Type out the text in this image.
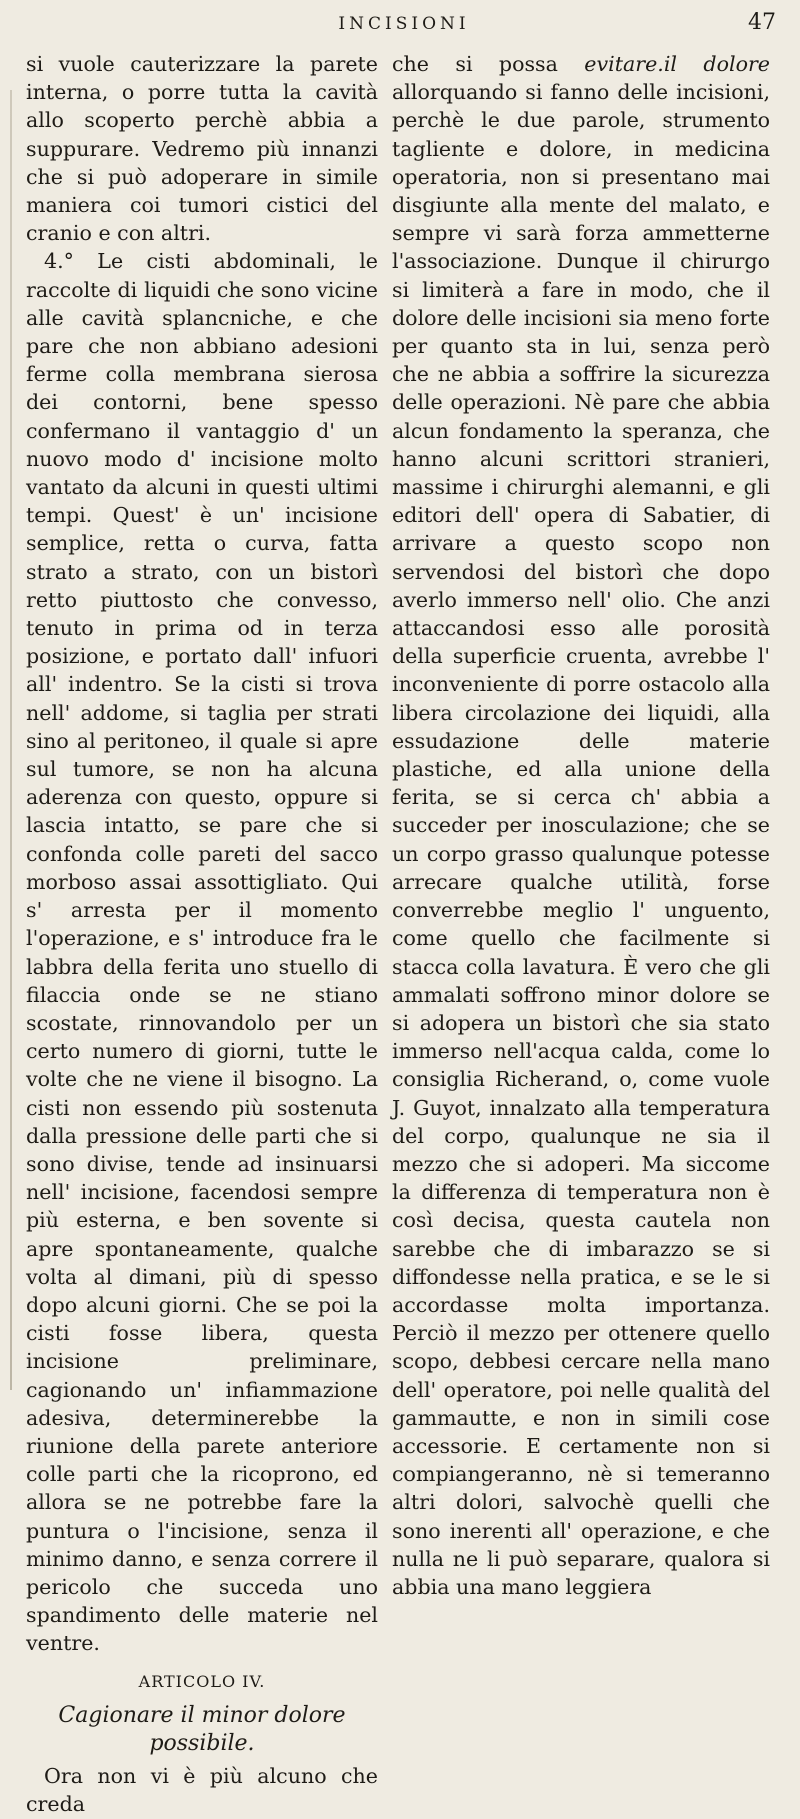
INCISIONI	47

si vuole cauterizzare la parete interna, o porre tutta la cavità allo scoperto perchè abbia a suppurare. Vedremo più innanzi che si può adoperare in simile maniera coi tumori cistici del cranio e con altri.

4.° Le cisti abdominali, le raccolte di liquidi che sono vicine alle cavità splancniche, e che pare che non abbiano adesioni ferme colla membrana sierosa dei contorni, bene spesso confermano il vantaggio d' un nuovo modo d' incisione molto vantato da alcuni in questi ultimi tempi. Quest' è un' incisione semplice, retta o curva, fatta strato a strato, con un bistorì retto piuttosto che convesso, tenuto in prima od in terza posizione, e portato dall' infuori all' indentro. Se la cisti si trova nell' addome, si taglia per strati sino al peritoneo, il quale si apre sul tumore, se non ha alcuna aderenza con questo, oppure si lascia intatto, se pare che si confonda colle pareti del sacco morboso assai assottigliato. Qui s' arresta per il momento l'operazione, e s' introduce fra le labbra della ferita uno stuello di filaccia onde se ne stiano scostate, rinnovandolo per un certo numero di giorni, tutte le volte che ne viene il bisogno. La cisti non essendo più sostenuta dalla pressione delle parti che si sono divise, tende ad insinuarsi nell' incisione, facendosi sempre più esterna, e ben sovente si apre spontaneamente, qualche volta al dimani, più di spesso dopo alcuni giorni. Che se poi la cisti fosse libera, questa incisione preliminare, cagionando un' infiammazione adesiva, determinerebbe la riunione della parete anteriore colle parti che la ricoprono, ed allora se ne potrebbe fare la puntura o l'incisione, senza il minimo danno, e senza correre il pericolo che succeda uno spandimento delle materie nel ventre.

ARTICOLO IV.
Cagionare il minor dolore possibile.

Ora non vi è più alcuno che creda

che si possa evitare.il dolore allorquando si fanno delle incisioni, perchè le due parole, strumento tagliente e dolore, in medicina operatoria, non si presentano mai disgiunte alla mente del malato, e sempre vi sarà forza ammetterne l'associazione. Dunque il chirurgo si limiterà a fare in modo, che il dolore delle incisioni sia meno forte per quanto sta in lui, senza però che ne abbia a soffrire la sicurezza delle operazioni. Nè pare che abbia alcun fondamento la speranza, che hanno alcuni scrittori stranieri, massime i chirurghi alemanni, e gli editori dell' opera di Sabatier, di arrivare a questo scopo non servendosi del bistorì che dopo averlo immerso nell' olio. Che anzi attaccandosi esso alle porosità della superficie cruenta, avrebbe l' inconveniente di porre ostacolo alla libera circolazione dei liquidi, alla essudazione delle materie plastiche, ed alla unione della ferita, se si cerca ch' abbia a succeder per inosculazione; che se un corpo grasso qualunque potesse arrecare qualche utilità, forse converrebbe meglio l' unguento, come quello che facilmente si stacca colla lavatura. È vero che gli ammalati soffrono minor dolore se si adopera un bistorì che sia stato immerso nell'acqua calda, come lo consiglia Richerand, o, come vuole J. Guyot, innalzato alla temperatura del corpo, qualunque ne sia il mezzo che si adoperi. Ma siccome la differenza di temperatura non è così decisa, questa cautela non sarebbe che di imbarazzo se si diffondesse nella pratica, e se le si accordasse molta importanza. Perciò il mezzo per ottenere quello scopo, debbesi cercare nella mano dell' operatore, poi nelle qualità del gammautte, e non in simili cose accessorie. E certamente non si compiangeranno, nè si temeranno altri dolori, salvochè quelli che sono inerenti all' operazione, e che nulla ne li può separare, qualora si abbia una mano leggiera
